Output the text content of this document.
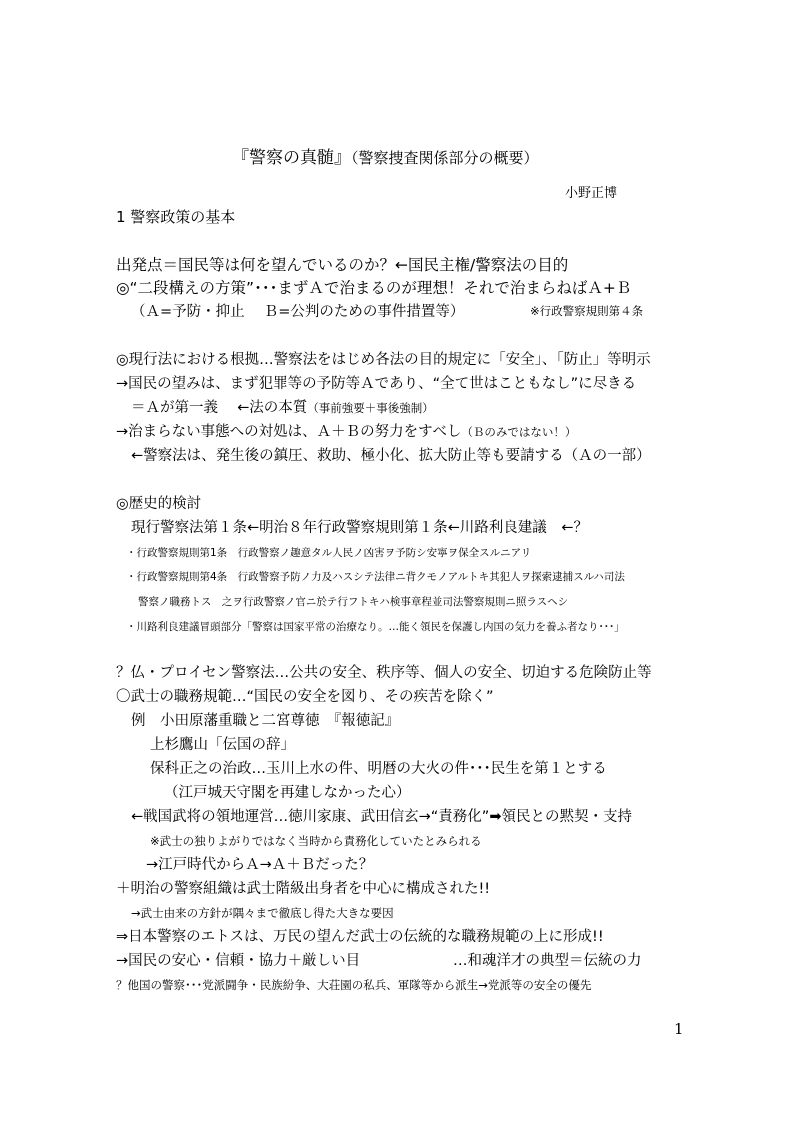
『警察の真髄』（警察捜査関係部分の概要）
小野正博
1 警察政策の基本
出発点＝国民等は何を望んでいるのか？←国民主権/警察法の目的
◎“二段構えの方策”･･･まずＡで治まるのが理想！それで治まらねばＡ+Ｂ
（Ａ=予防・抑止　 Ｂ=公判のための事件措置等）	※行政警察規則第４条
◎現行法における根拠…警察法をはじめ各法の目的規定に「安全」、「防止」等明示
→国民の望みは、まず犯罪等の予防等Ａであり、“全て世はこともなし”に尽きる
＝Ａが第一義　 ←法の本質（事前強要＋事後強制）
→治まらない事態への対処は、Ａ＋Ｂの努力をすべし（Ｂのみではない！）
←警察法は、発生後の鎮圧、救助、極小化、拡大防止等も要請する（Ａの一部）
◎歴史的検討
現行警察法第１条←明治８年行政警察規則第１条←川路利良建議　←？
・行政警察規則第1条　行政警察ノ趣意タル人民ノ凶害ヲ予防シ安寧ヲ保全スルニアリ
・行政警察規則第4条　行政警察予防ノ力及ハスシテ法律ニ背クモノアルトキ其犯人ヲ探索逮捕スルハ司法
警察ノ職務トス　之ヲ行政警察ノ官ニ於テ行フトキハ検事章程並司法警察規則ニ照ラスヘシ
・川路利良建議冒頭部分「警察は国家平常の治療なり。…能く領民を保護し内国の気力を養ふ者なり･･･」
？仏・プロイセン警察法…公共の安全、秩序等、個人の安全、切迫する危険防止等
〇武士の職務規範…“国民の安全を図り、その疾苦を除く”
例　小田原藩重職と二宮尊徳　『報徳記』
上杉鷹山「伝国の辞」
保科正之の治政…玉川上水の件、明暦の大火の件･･･民生を第１とする
（江戸城天守閣を再建しなかった心）
←戦国武将の領地運営…徳川家康、武田信玄→“責務化”➡領民との黙契・支持
※武士の独りよがりではなく当時から責務化していたとみられる
→江戸時代からＡ→Ａ＋Ｂだった？
＋明治の警察組織は武士階級出身者を中心に構成された!!
→武士由来の方針が隅々まで徹底し得た大きな要因
⇒日本警察のエトスは、万民の望んだ武士の伝統的な職務規範の上に形成!!
→国民の安心・信頼・協力＋厳しい目	…和魂洋才の典型＝伝統の力
？他国の警察･･･党派闘争・民族紛争、大荘園の私兵、軍隊等から派生→党派等の安全の優先
1
